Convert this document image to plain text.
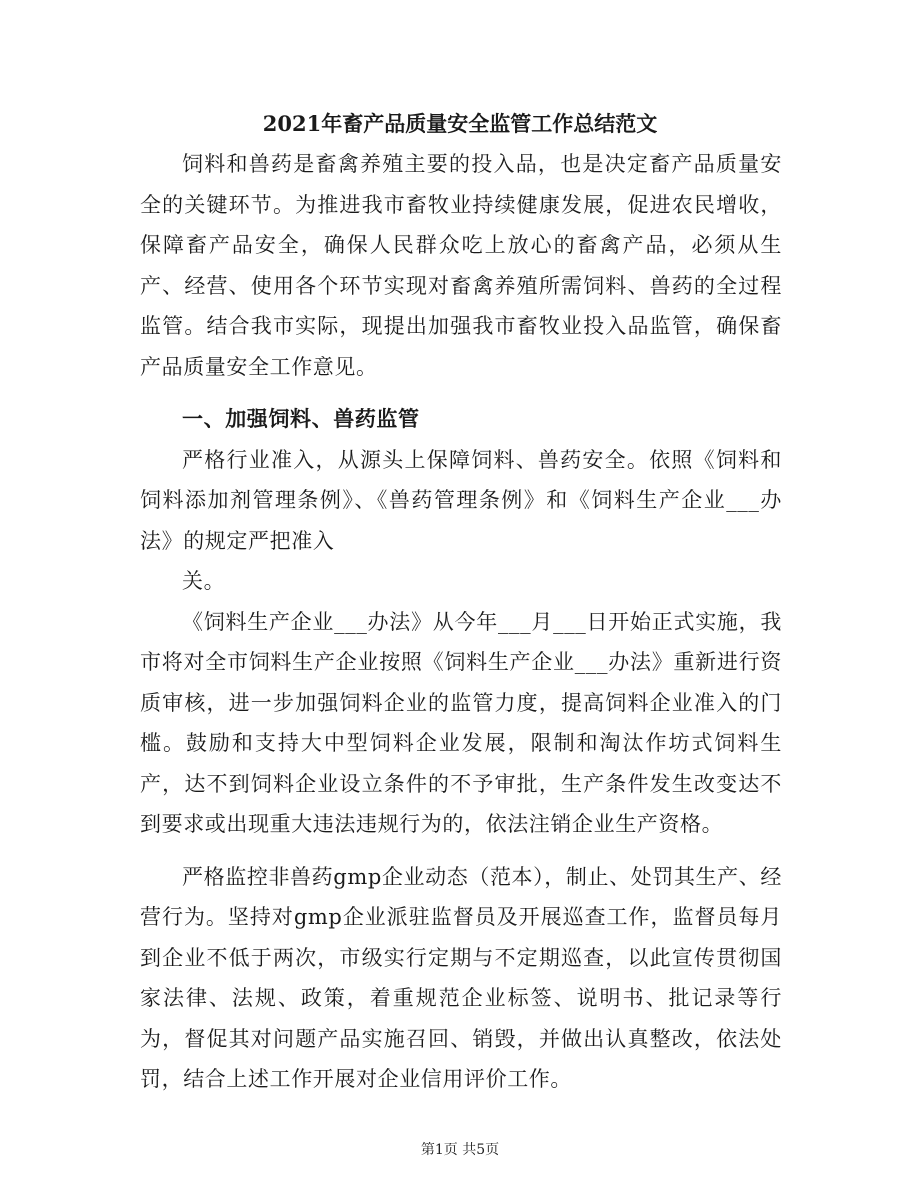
2021年畜产品质量安全监管工作总结范文

饲料和兽药是畜禽养殖主要的投入品，也是决定畜产品质量安全的关键环节。为推进我市畜牧业持续健康发展，促进农民增收，保障畜产品安全，确保人民群众吃上放心的畜禽产品，必须从生产、经营、使用各个环节实现对畜禽养殖所需饲料、兽药的全过程监管。结合我市实际，现提出加强我市畜牧业投入品监管，确保畜产品质量安全工作意见。

一、加强饲料、兽药监管

严格行业准入，从源头上保障饲料、兽药安全。依照《饲料和饲料添加剂管理条例》、《兽药管理条例》和《饲料生产企业___办法》的规定严把准入

关。

《饲料生产企业___办法》从今年___月___日开始正式实施，我市将对全市饲料生产企业按照《饲料生产企业___办法》重新进行资质审核，进一步加强饲料企业的监管力度，提高饲料企业准入的门槛。鼓励和支持大中型饲料企业发展，限制和淘汰作坊式饲料生产，达不到饲料企业设立条件的不予审批，生产条件发生改变达不到要求或出现重大违法违规行为的，依法注销企业生产资格。

严格监控非兽药gmp企业动态（范本），制止、处罚其生产、经营行为。坚持对gmp企业派驻监督员及开展巡查工作，监督员每月到企业不低于两次，市级实行定期与不定期巡查，以此宣传贯彻国家法律、法规、政策，着重规范企业标签、说明书、批记录等行为，督促其对问题产品实施召回、销毁，并做出认真整改，依法处罚，结合上述工作开展对企业信用评价工作。

第1页 共5页
